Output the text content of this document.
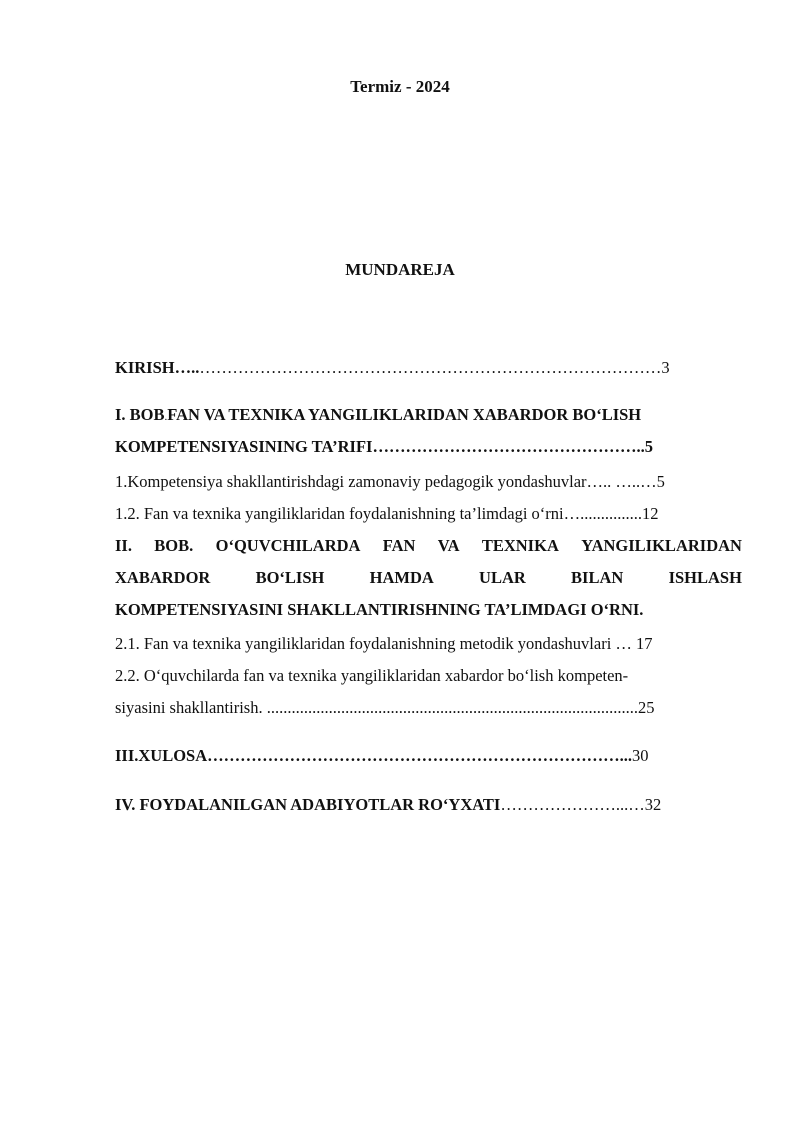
Termiz - 2024
MUNDAREJA
KIRISH…..…………………………………………………………………………3
I. BOB.FAN VA TEXNIKA YANGILIKLARIDAN XABARDOR BO‘LISH
KOMPETENSIYASINING TA’RIFI…………………………………………..5
1.Kompetensiya shakllantirishdagi zamonaviy pedagogik yondashuvlar….. …..…5
1.2. Fan va texnika yangiliklaridan foydalanishning ta’limdagi o‘rni…...............12
II. BOB. O‘QUVCHILARDA FAN VA TEXNIKA YANGILIKLARIDAN
XABARDOR	BO‘LISH	HAMDA	ULAR	BILAN	ISHLASH
KOMPETENSIYASINI SHAKLLANTIRISHNING TA’LIMDAGI O‘RNI.
2.1. Fan va texnika yangiliklaridan foydalanishning metodik yondashuvlari … 17
2.2. O‘quvchilarda fan va texnika yangiliklaridan xabardor bo‘lish kompeten-
siyasini shakllantirish. ..........................................................................................25
III.XULOSA…………………………………………………………………...30
IV. FOYDALANILGAN ADABIYOTLAR RO‘YXATI…………………...…32
